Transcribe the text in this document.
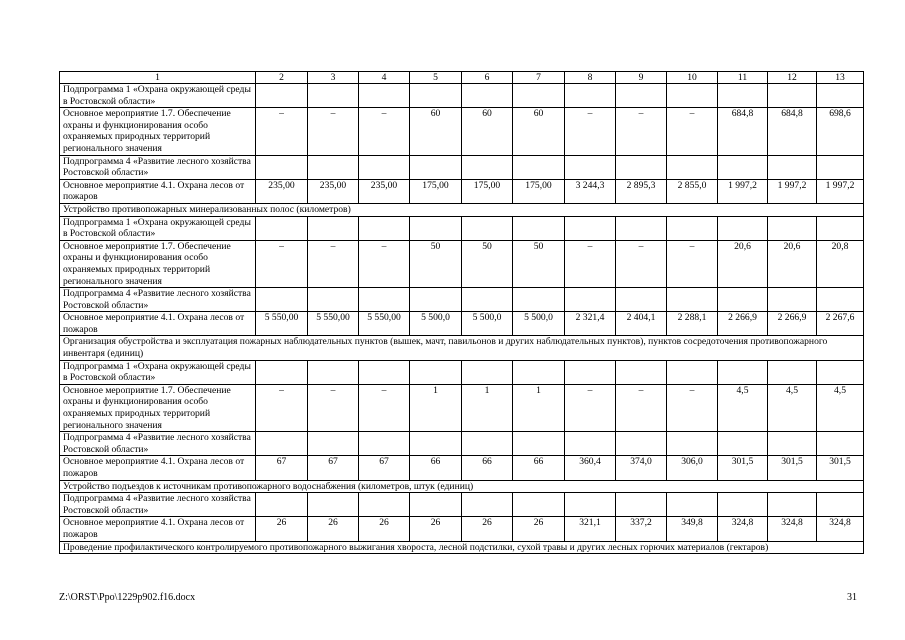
1	2	3	4	5	6	7	8	9	10	11	12	13
Подпрограмма 1 «Охрана окружающей среды в Ростовской области»												
Основное мероприятие 1.7. Обеспечение охраны и функционирования особо охраняемых природных территорий регионального значения	–	–	–	60	60	60	–	–	–	684,8	684,8	698,6
Подпрограмма 4 «Развитие лесного хозяйства Ростовской области»												
Основное мероприятие 4.1. Охрана лесов от пожаров	235,00	235,00	235,00	175,00	175,00	175,00	3 244,3	2 895,3	2 855,0	1 997,2	1 997,2	1 997,2
Устройство противопожарных минерализованных полос (километров)												
Подпрограмма 1 «Охрана окружающей среды в Ростовской области»												
Основное мероприятие 1.7. Обеспечение охраны и функционирования особо охраняемых природных территорий регионального значения	–	–	–	50	50	50	–	–	–	20,6	20,6	20,8
Подпрограмма 4 «Развитие лесного хозяйства Ростовской области»												
Основное мероприятие 4.1. Охрана лесов от пожаров	5 550,00	5 550,00	5 550,00	5 500,0	5 500,0	5 500,0	2 321,4	2 404,1	2 288,1	2 266,9	2 266,9	2 267,6
Организация обустройства и эксплуатация пожарных наблюдательных пунктов (вышек, мачт, павильонов и других наблюдательных пунктов), пунктов сосредоточения противопожарного инвентаря (единиц)												
Подпрограмма 1 «Охрана окружающей среды в Ростовской области»												
Основное мероприятие 1.7. Обеспечение охраны и функционирования особо охраняемых природных территорий регионального значения	–	–	–	1	1	1	–	–	–	4,5	4,5	4,5
Подпрограмма 4 «Развитие лесного хозяйства Ростовской области»												
Основное мероприятие 4.1. Охрана лесов от пожаров	67	67	67	66	66	66	360,4	374,0	306,0	301,5	301,5	301,5
Устройство подъездов к источникам противопожарного водоснабжения (километров, штук (единиц)												
Подпрограмма 4 «Развитие лесного хозяйства Ростовской области»												
Основное мероприятие 4.1. Охрана лесов от пожаров	26	26	26	26	26	26	321,1	337,2	349,8	324,8	324,8	324,8
Проведение профилактического контролируемого противопожарного выжигания хвороста, лесной подстилки, сухой травы и других лесных горючих материалов (гектаров)												
Z:\ORST\Ppo\1229p902.f16.docx	31
